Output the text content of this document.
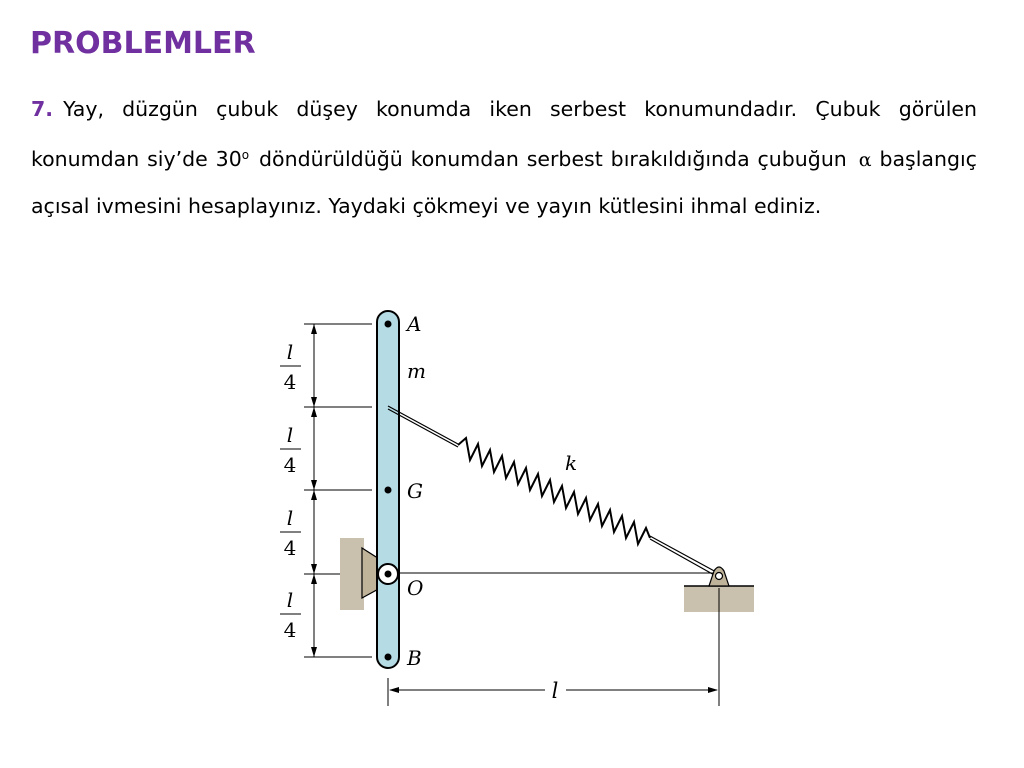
PROBLEMLER

7. Yay, düzgün çubuk düşey konumda iken serbest konumundadır. Çubuk görülen konumdan siy’de 30$^o$ döndürüldüğü konumdan serbest bırakıldığında çubuğun α başlangıç açısal ivmesini hesaplayınız. Yaydaki çökmeyi ve yayın kütlesini ihmal ediniz.

l
4
l
4
l
4
l
4
l
A
m
G
O
B
k
